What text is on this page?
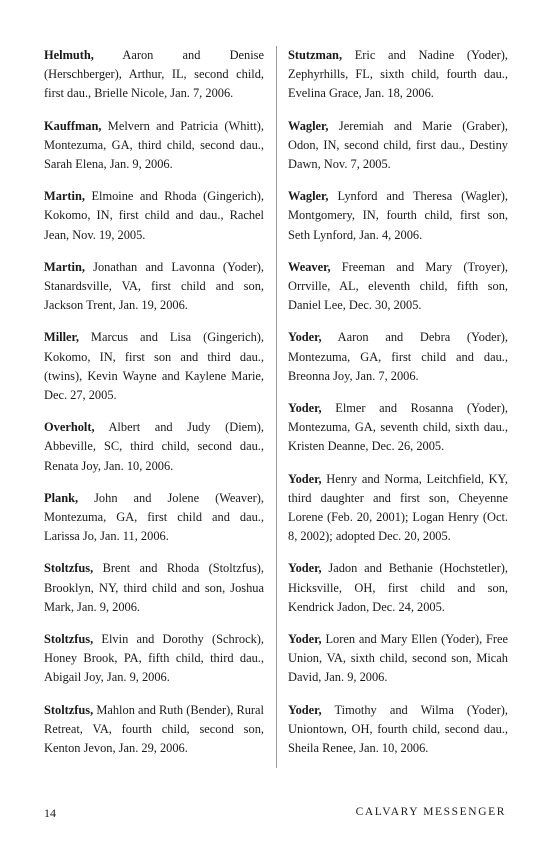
Helmuth, Aaron and Denise (Herschberger), Arthur, IL, second child, first dau., Brielle Nicole, Jan. 7, 2006.

Kauffman, Melvern and Patricia (Whitt), Montezuma, GA, third child, second dau., Sarah Elena, Jan. 9, 2006.

Martin, Elmoine and Rhoda (Gingerich), Kokomo, IN, first child and dau., Rachel Jean, Nov. 19, 2005.

Martin, Jonathan and Lavonna (Yoder), Stanardsville, VA, first child and son, Jackson Trent, Jan. 19, 2006.

Miller, Marcus and Lisa (Gingerich), Kokomo, IN, first son and third dau., (twins), Kevin Wayne and Kaylene Marie, Dec. 27, 2005.

Overholt, Albert and Judy (Diem), Abbeville, SC, third child, second dau., Renata Joy, Jan. 10, 2006.

Plank, John and Jolene (Weaver), Montezuma, GA, first child and dau., Larissa Jo, Jan. 11, 2006.

Stoltzfus, Brent and Rhoda (Stoltzfus), Brooklyn, NY, third child and son, Joshua Mark, Jan. 9, 2006.

Stoltzfus, Elvin and Dorothy (Schrock), Honey Brook, PA, fifth child, third dau., Abigail Joy, Jan. 9, 2006.

Stoltzfus, Mahlon and Ruth (Bender), Rural Retreat, VA, fourth child, second son, Kenton Jevon, Jan. 29, 2006.

Stutzman, Eric and Nadine (Yoder), Zephyrhills, FL, sixth child, fourth dau., Evelina Grace, Jan. 18, 2006.

Wagler, Jeremiah and Marie (Graber), Odon, IN, second child, first dau., Destiny Dawn, Nov. 7, 2005.

Wagler, Lynford and Theresa (Wagler), Montgomery, IN, fourth child, first son, Seth Lynford, Jan. 4, 2006.

Weaver, Freeman and Mary (Troyer), Orrville, AL, eleventh child, fifth son, Daniel Lee, Dec. 30, 2005.

Yoder, Aaron and Debra (Yoder), Montezuma, GA, first child and dau., Breonna Joy, Jan. 7, 2006.

Yoder, Elmer and Rosanna (Yoder), Montezuma, GA, seventh child, sixth dau., Kristen Deanne, Dec. 26, 2005.

Yoder, Henry and Norma, Leitchfield, KY, third daughter and first son, Cheyenne Lorene (Feb. 20, 2001); Logan Henry (Oct. 8, 2002); adopted Dec. 20, 2005.

Yoder, Jadon and Bethanie (Hochstetler), Hicksville, OH, first child and son, Kendrick Jadon, Dec. 24, 2005.

Yoder, Loren and Mary Ellen (Yoder), Free Union, VA, sixth child, second son, Micah David, Jan. 9, 2006.

Yoder, Timothy and Wilma (Yoder), Uniontown, OH, fourth child, second dau., Sheila Renee, Jan. 10, 2006.

14	CALVARY MESSENGER
